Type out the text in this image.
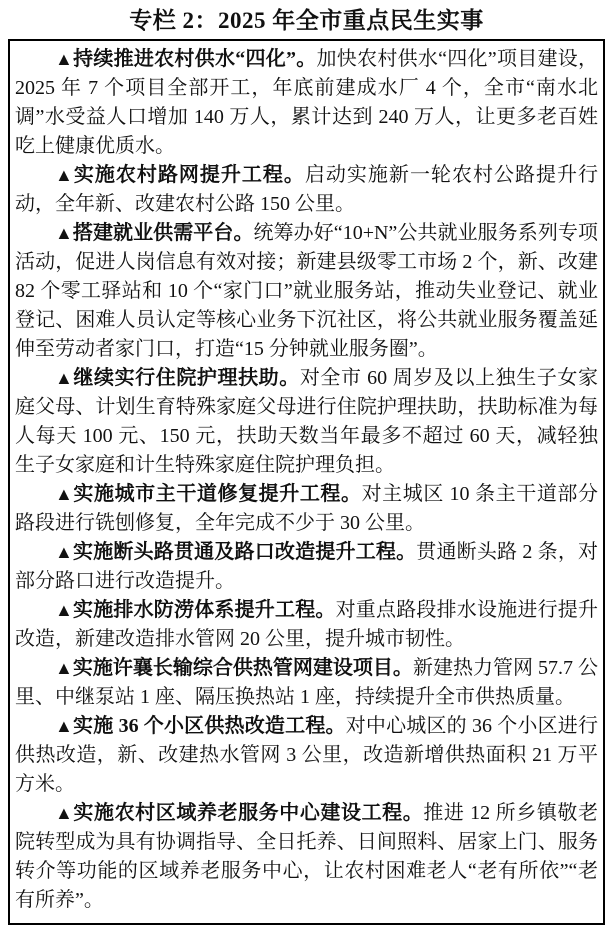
专栏 2：2025 年全市重点民生实事

▲持续推进农村供水“四化”。加快农村供水“四化”项目建设，2025 年 7 个项目全部开工，年底前建成水厂 4 个，全市“南水北调”水受益人口增加 140 万人，累计达到 240 万人，让更多老百姓吃上健康优质水。

▲实施农村路网提升工程。启动实施新一轮农村公路提升行动，全年新、改建农村公路 150 公里。

▲搭建就业供需平台。统筹办好“10+N”公共就业服务系列专项活动，促进人岗信息有效对接；新建县级零工市场 2 个，新、改建 82 个零工驿站和 10 个“家门口”就业服务站，推动失业登记、就业登记、困难人员认定等核心业务下沉社区，将公共就业服务覆盖延伸至劳动者家门口，打造“15 分钟就业服务圈”。

▲继续实行住院护理扶助。对全市 60 周岁及以上独生子女家庭父母、计划生育特殊家庭父母进行住院护理扶助，扶助标准为每人每天 100 元、150 元，扶助天数当年最多不超过 60 天，减轻独生子女家庭和计生特殊家庭住院护理负担。

▲实施城市主干道修复提升工程。对主城区 10 条主干道部分路段进行铣刨修复，全年完成不少于 30 公里。

▲实施断头路贯通及路口改造提升工程。贯通断头路 2 条，对部分路口进行改造提升。

▲实施排水防涝体系提升工程。对重点路段排水设施进行提升改造，新建改造排水管网 20 公里，提升城市韧性。

▲实施许襄长输综合供热管网建设项目。新建热力管网 57.7 公里、中继泵站 1 座、隔压换热站 1 座，持续提升全市供热质量。

▲实施 36 个小区供热改造工程。对中心城区的 36 个小区进行供热改造，新、改建热水管网 3 公里，改造新增供热面积 21 万平方米。

▲实施农村区域养老服务中心建设工程。推进 12 所乡镇敬老院转型成为具有协调指导、全日托养、日间照料、居家上门、服务转介等功能的区域养老服务中心，让农村困难老人“老有所依”“老有所养”。
